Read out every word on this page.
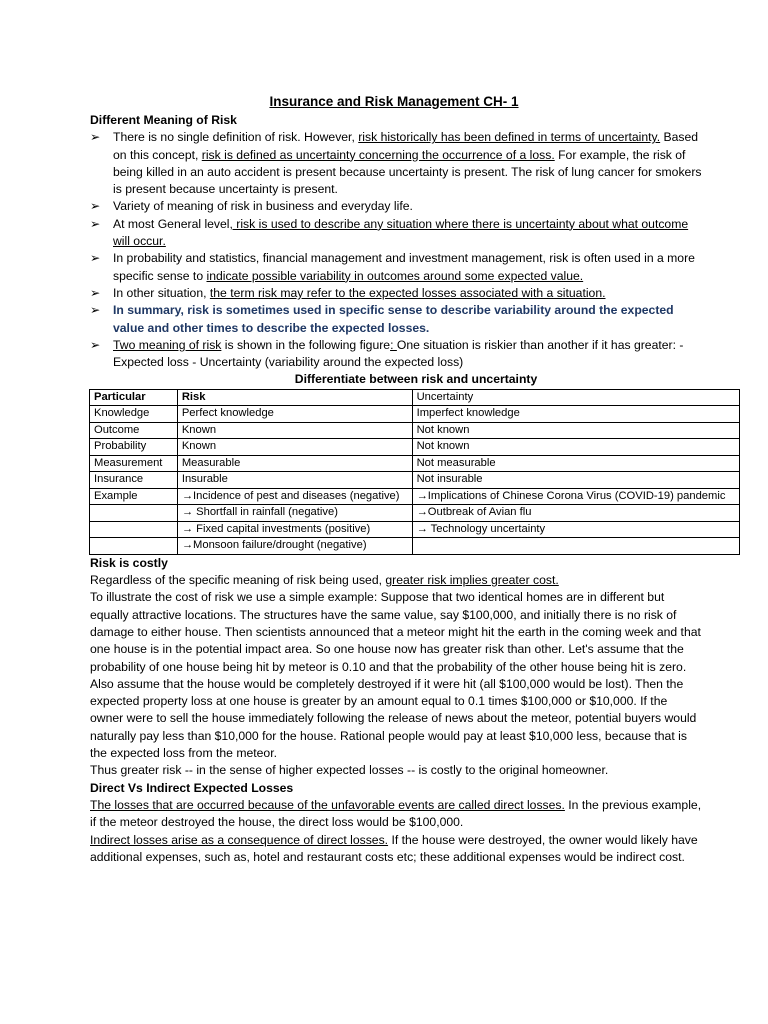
Insurance and Risk Management CH- 1
Different Meaning of Risk
➢ There is no single definition of risk. However, risk historically has been defined in terms of uncertainty. Based on this concept, risk is defined as uncertainty concerning the occurrence of a loss. For example, the risk of being killed in an auto accident is present because uncertainty is present. The risk of lung cancer for smokers is present because uncertainty is present.
➢ Variety of meaning of risk in business and everyday life.
➢ At most General level, risk is used to describe any situation where there is uncertainty about what outcome will occur.
➢ In probability and statistics, financial management and investment management, risk is often used in a more specific sense to indicate possible variability in outcomes around some expected value.
➢ In other situation, the term risk may refer to the expected losses associated with a situation.
➢ In summary, risk is sometimes used in specific sense to describe variability around the expected value and other times to describe the expected losses.
➢ Two meaning of risk is shown in the following figure: One situation is riskier than another if it has greater: - Expected loss - Uncertainty (variability around the expected loss)
Differentiate between risk and uncertainty
Particular	Risk	Uncertainty
Knowledge	Perfect knowledge	Imperfect knowledge
Outcome	Known	Not known
Probability	Known	Not known
Measurement	Measurable	Not measurable
Insurance	Insurable	Not insurable
Example	→Incidence of pest and diseases (negative)	→Implications of Chinese Corona Virus (COVID-19) pandemic
	→ Shortfall in rainfall (negative)	→Outbreak of Avian flu
	→ Fixed capital investments (positive)	→ Technology uncertainty
	→Monsoon failure/drought (negative)	
Risk is costly
Regardless of the specific meaning of risk being used, greater risk implies greater cost.
To illustrate the cost of risk we use a simple example: Suppose that two identical homes are in different but equally attractive locations. The structures have the same value, say $100,000, and initially there is no risk of damage to either house. Then scientists announced that a meteor might hit the earth in the coming week and that one house is in the potential impact area. So one house now has greater risk than other. Let's assume that the probability of one house being hit by meteor is 0.10 and that the probability of the other house being hit is zero. Also assume that the house would be completely destroyed if it were hit (all $100,000 would be lost). Then the expected property loss at one house is greater by an amount equal to 0.1 times $100,000 or $10,000. If the owner were to sell the house immediately following the release of news about the meteor, potential buyers would naturally pay less than $10,000 for the house. Rational people would pay at least $10,000 less, because that is the expected loss from the meteor.
Thus greater risk -- in the sense of higher expected losses -- is costly to the original homeowner.
Direct Vs Indirect Expected Losses
The losses that are occurred because of the unfavorable events are called direct losses. In the previous example, if the meteor destroyed the house, the direct loss would be $100,000.
Indirect losses arise as a consequence of direct losses. If the house were destroyed, the owner would likely have additional expenses, such as, hotel and restaurant costs etc; these additional expenses would be indirect cost.
